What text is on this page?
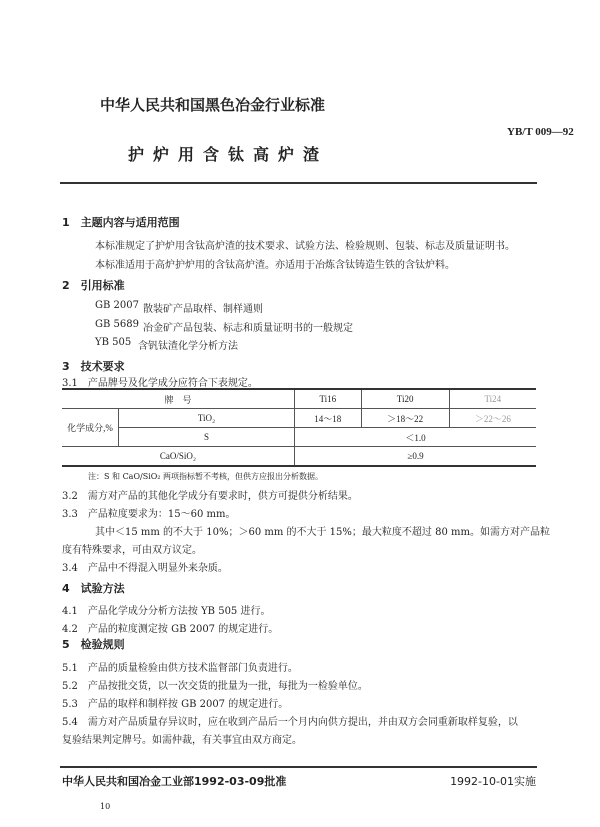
中华人民共和国黑色冶金行业标准
YB/T 009—92
护炉用含钛高炉渣
1　主题内容与适用范围
本标准规定了护炉用含钛高炉渣的技术要求、试验方法、检验规则、包装、标志及质量证明书。
本标准适用于高炉护炉用的含钛高炉渣。亦适用于冶炼含钛铸造生铁的含钛炉料。
2　引用标准
GB 2007 散装矿产品取样、制样通则
GB 5689 冶金矿产品包装、标志和质量证明书的一般规定
YB 505 含钒钛渣化学分析方法
3　技术要求
3.1　产品牌号及化学成分应符合下表规定。
牌　号		Ti16	Ti20	Ti24
化学成分,%	TiO₂	14～18	＞18～22	＞22～26
	S	＜1.0		
CaO/SiO₂		≥0.9		
注：S 和 CaO/SiO₂ 两项指标暂不考核，但供方应报出分析数据。
3.2　需方对产品的其他化学成分有要求时，供方可提供分析结果。
3.3　产品粒度要求为：15～60 mm。
其中＜15 mm 的不大于 10%；＞60 mm 的不大于 15%；最大粒度不超过 80 mm。如需方对产品粒
度有特殊要求，可由双方议定。
3.4　产品中不得混入明显外来杂质。
4　试验方法
4.1　产品化学成分分析方法按 YB 505 进行。
4.2　产品的粒度测定按 GB 2007 的规定进行。
5　检验规则
5.1　产品的质量检验由供方技术监督部门负责进行。
5.2　产品按批交货，以一次交货的批量为一批，每批为一检验单位。
5.3　产品的取样和制样按 GB 2007 的规定进行。
5.4　需方对产品质量存异议时，应在收到产品后一个月内向供方提出，并由双方会同重新取样复验，以
复验结果判定牌号。如需仲裁，有关事宜由双方商定。
中华人民共和国冶金工业部1992-03-09批准	1992-10-01实施
10
